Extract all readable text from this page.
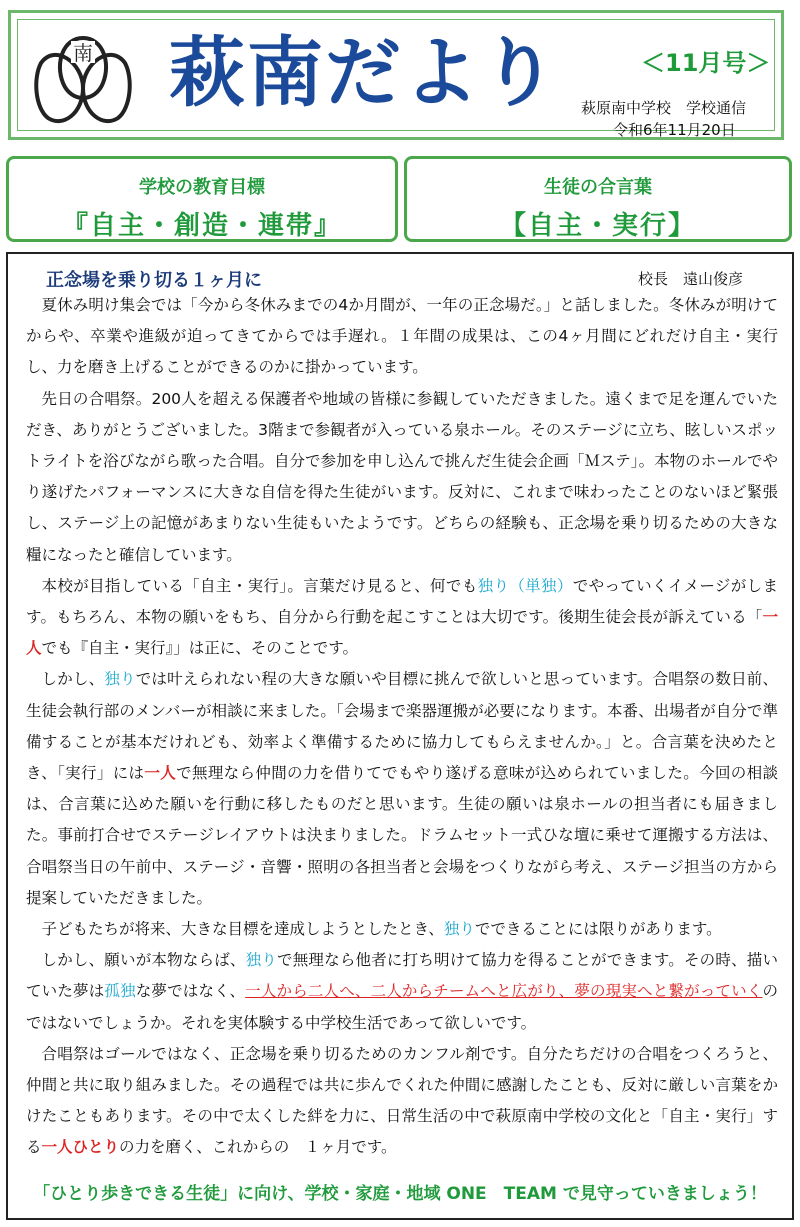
南 萩南だより	＜11月号＞
萩原南中学校　学校通信
令和6年11月20日
学校の教育目標
『自主・創造・連帯』
生徒の合言葉
【自主・実行】
正念場を乗り切る１ヶ月に	校長　遠山俊彦

夏休み明け集会では「今から冬休みまでの4か月間が、一年の正念場だ。」と話しました。冬休みが明けてからや、卒業や進級が迫ってきてからでは手遅れ。１年間の成果は、この4ヶ月間にどれだけ自主・実行し、力を磨き上げることができるのかに掛かっています。

先日の合唱祭。200人を超える保護者や地域の皆様に参観していただきました。遠くまで足を運んでいただき、ありがとうございました。3階まで参観者が入っている泉ホール。そのステージに立ち、眩しいスポットライトを浴びながら歌った合唱。自分で参加を申し込んで挑んだ生徒会企画「Ｍステ」。本物のホールでやり遂げたパフォーマンスに大きな自信を得た生徒がいます。反対に、これまで味わったことのないほど緊張し、ステージ上の記憶があまりない生徒もいたようです。どちらの経験も、正念場を乗り切るための大きな糧になったと確信しています。

本校が目指している「自主・実行」。言葉だけ見ると、何でも独り（単独）でやっていくイメージがします。もちろん、本物の願いをもち、自分から行動を起こすことは大切です。後期生徒会長が訴えている「一人でも『自主・実行』」は正に、そのことです。

しかし、独りでは叶えられない程の大きな願いや目標に挑んで欲しいと思っています。合唱祭の数日前、生徒会執行部のメンバーが相談に来ました。「会場まで楽器運搬が必要になります。本番、出場者が自分で準備することが基本だけれども、効率よく準備するために協力してもらえませんか。」と。合言葉を決めたとき、「実行」には一人で無理なら仲間の力を借りてでもやり遂げる意味が込められていました。今回の相談は、合言葉に込めた願いを行動に移したものだと思います。生徒の願いは泉ホールの担当者にも届きました。事前打合せでステージレイアウトは決まりました。ドラムセット一式ひな壇に乗せて運搬する方法は、合唱祭当日の午前中、ステージ・音響・照明の各担当者と会場をつくりながら考え、ステージ担当の方から提案していただきました。

子どもたちが将来、大きな目標を達成しようとしたとき、独りでできることには限りがあります。

しかし、願いが本物ならば、独りで無理なら他者に打ち明けて協力を得ることができます。その時、描いていた夢は孤独な夢ではなく、一人から二人へ、二人からチームへと広がり、夢の現実へと繋がっていくのではないでしょうか。それを実体験する中学校生活であって欲しいです。

合唱祭はゴールではなく、正念場を乗り切るためのカンフル剤です。自分たちだけの合唱をつくろうと、仲間と共に取り組みました。その過程では共に歩んでくれた仲間に感謝したことも、反対に厳しい言葉をかけたこともあります。その中で太くした絆を力に、日常生活の中で萩原南中学校の文化と「自主・実行」する一人ひとりの力を磨く、これからの　１ヶ月です。

「ひとり歩きできる生徒」に向け、学校・家庭・地域 ONE　TEAM で見守っていきましょう！
